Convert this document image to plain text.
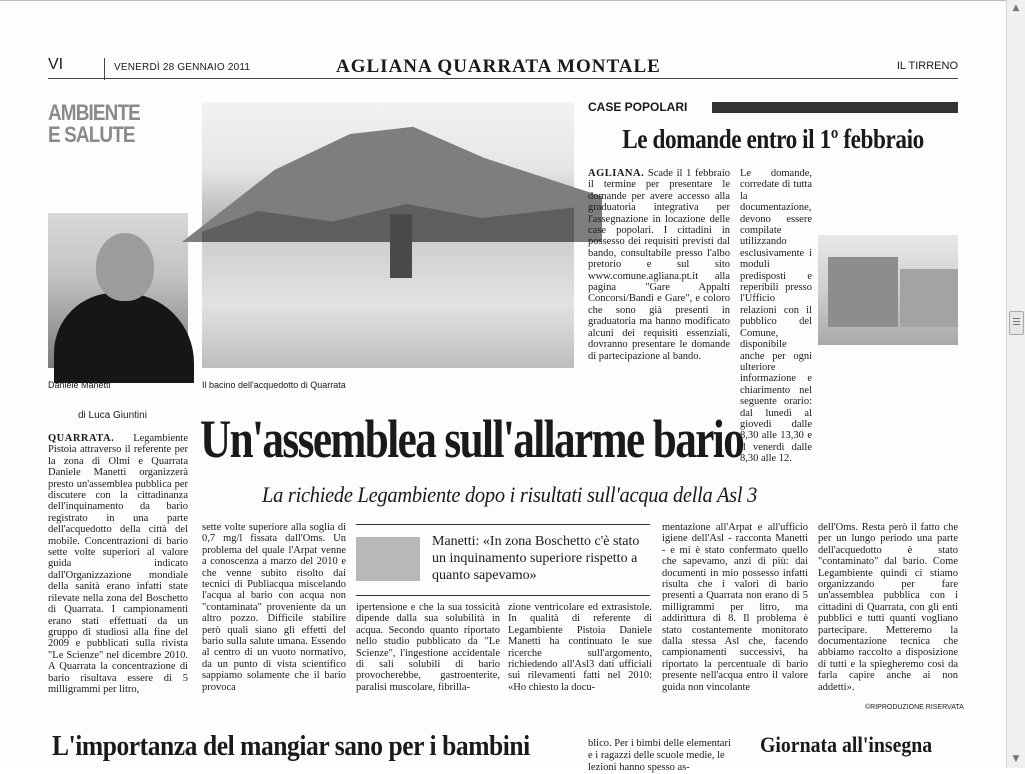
VI	VENERDÌ 28 GENNAIO 2011	AGLIANA QUARRATA MONTALE	IL TIRRENO
AMBIENTE
E SALUTE
Daniele Manetti	Il bacino dell'acquedotto di Quarrata
CASE POPOLARI
Le domande entro il 1º febbraio
AGLIANA. Scade il 1 febbraio il termine per presentare le domande per avere accesso alla graduatoria integrativa per l'assegnazione in locazione delle case popolari. I cittadini in possesso dei requisiti previsti dal bando, consultabile presso l'albo pretorio e sul sito www.comune.agliana.pt.it alla pagina "Gare Appalti Concorsi/Bandi e Gare", e coloro che sono già presenti in graduatoria ma hanno modificato alcuni dei requisiti essenziali, dovranno presentare le domande di partecipazione al bando.
Le domande, corredate di tutta la documentazione, devono essere compilate utilizzando esclusivamente i moduli predisposti e reperibili presso l'Ufficio relazioni con il pubblico del Comune, disponibile anche per ogni ulteriore informazione e chiarimento nel seguente orario: dal lunedì al giovedì dalle 8,30 alle 13,30 e il venerdì dalle 8,30 alle 12.
di Luca Giuntini Un'assemblea sull'allarme bario
La richiede Legambiente dopo i risultati sull'acqua della Asl 3
QUARRATA. Legambiente Pistoia attraverso il referente per la zona di Olmi e Quarrata Daniele Manetti organizzerà presto un'assemblea pubblica per discutere con la cittadinanza dell'inquinamento da bario registrato in una parte dell'acquedotto della città del mobile. Concentrazioni di bario sette volte superiori al valore guida indicato dall'Organizzazione mondiale della sanità erano infatti state rilevate nella zona del Boschetto di Quarrata. I campionamenti erano stati effettuati da un gruppo di studiosi alla fine del 2009 e pubblicati sulla rivista "Le Scienze" nel dicembre 2010. A Quarrata la concentrazione di bario risultava essere di 5 milligrammi per litro,
sette volte superiore alla soglia di 0,7 mg/l fissata dall'Oms. Un problema del quale l'Arpat venne a conoscenza a marzo del 2010 e che venne subito risolto dai tecnici di Publiacqua miscelando l'acqua al bario con acqua non "contaminata" proveniente da un altro pozzo. Difficile stabilire però quali siano gli effetti del bario sulla salute umana. Essendo al centro di un vuoto normativo, da un punto di vista scientifico sappiamo solamente che il bario provoca
Manetti: «In zona Boschetto c'è stato un inquinamento superiore rispetto a quanto sapevamo»
ipertensione e che la sua tossicità dipende dalla sua solubilità in acqua. Secondo quanto riportato nello studio pubblicato da "Le Scienze", l'ingestione accidentale di sali solubili di bario provocherebbe, gastroenterite, paralisi muscolare, fibrilla-
zione ventricolare ed extrasistole. In qualità di referente di Legambiente Pistoia Daniele Manetti ha continuato le sue ricerche sull'argomento, richiedendo all'Asl3 dati ufficiali sui rilevamenti fatti nel 2010: «Ho chiesto la docu-
mentazione all'Arpat e all'ufficio igiene dell'Asl - racconta Manetti - e mi è stato confermato quello che sapevamo, anzi di più: dai documenti in mio possesso infatti risulta che i valori di bario presenti a Quarrata non erano di 5 milligrammi per litro, ma addirittura di 8. Il problema è stato costantemente monitorato dalla stessa Asl che, facendo campionamenti successivi, ha riportato la percentuale di bario presente nell'acqua entro il valore guida non vincolante
dell'Oms. Resta però il fatto che per un lungo periodo una parte dell'acquedotto è stato "contaminato" dal bario. Come Legambiente quindi ci stiamo organizzando per fare un'assemblea pubblica con i cittadini di Quarrata, con gli enti pubblici e tutti quanti vogliano partecipare. Metteremo la documentazione tecnica che abbiamo raccolto a disposizione di tutti e la spiegheremo così da farla capire anche ai non addetti».
©RIPRODUZIONE RISERVATA
L'importanza del mangiar sano per i bambini	blico. Per i bimbi delle elementari e i ragazzi delle scuole medie, le lezioni hanno spesso as-
Giornata all'insegna
▲
▼
